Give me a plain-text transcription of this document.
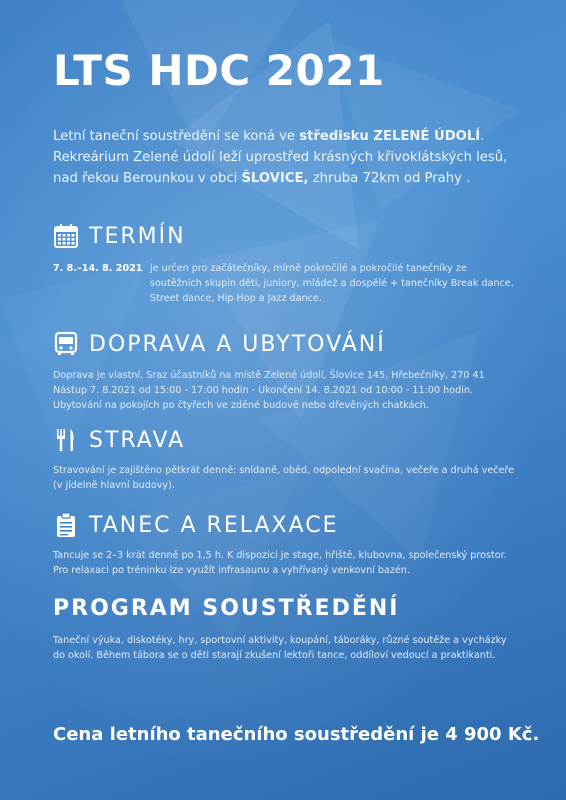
LTS HDC 2021

Letní taneční soustředění se koná ve středisku ZELENÉ ÚDOLÍ. Rekreárium Zelené údolí leží uprostřed krásných křivoklátských lesů, nad řekou Berounkou v obci ŠLOVICE, zhruba 72km od Prahy .

TERMÍN
7. 8.–14. 8. 2021 je určen pro začátečníky, mírně pokročilé a pokročilé tanečníky ze soutěžních skupin děti, juniory, mládež a dospělé + tanečníky Break dance, Street dance, Hip Hop a Jazz dance.
DOPRAVA A UBYTOVÁNÍ

Doprava je vlastní. Sraz účastníků na místě Zelené údolí, Šlovice 145, Hřebečníky, 270 41 Nástup 7. 8.2021 od 15:00 - 17:00 hodin - Ukončení 14. 8.2021 od 10:00 - 11:00 hodin. Ubytování na pokojích po čtyřech ve zděné budově nebo dřevěných chatkách.

STRAVA

Stravování je zajištěno pětkrát denně: snídaně, oběd, odpolední svačina, večeře a druhá večeře (v jídelně hlavní budovy).

TANEC A RELAXACE

Tancuje se 2–3 krát denně po 1,5 h. K dispozici je stage, hřiště, klubovna, společenský prostor. Pro relaxaci po tréninku lze využít infrasaunu a vyhřívaný venkovní bazén.

PROGRAM SOUSTŘEDĚNÍ

Taneční výuka, diskotéky, hry, sportovní aktivity, koupání, táboráky, různé soutěže a vycházky do okolí. Během tábora se o děti starají zkušení lektoři tance, oddíloví vedoucí a praktikanti.

Cena letního tanečního soustředění je 4 900 Kč.
